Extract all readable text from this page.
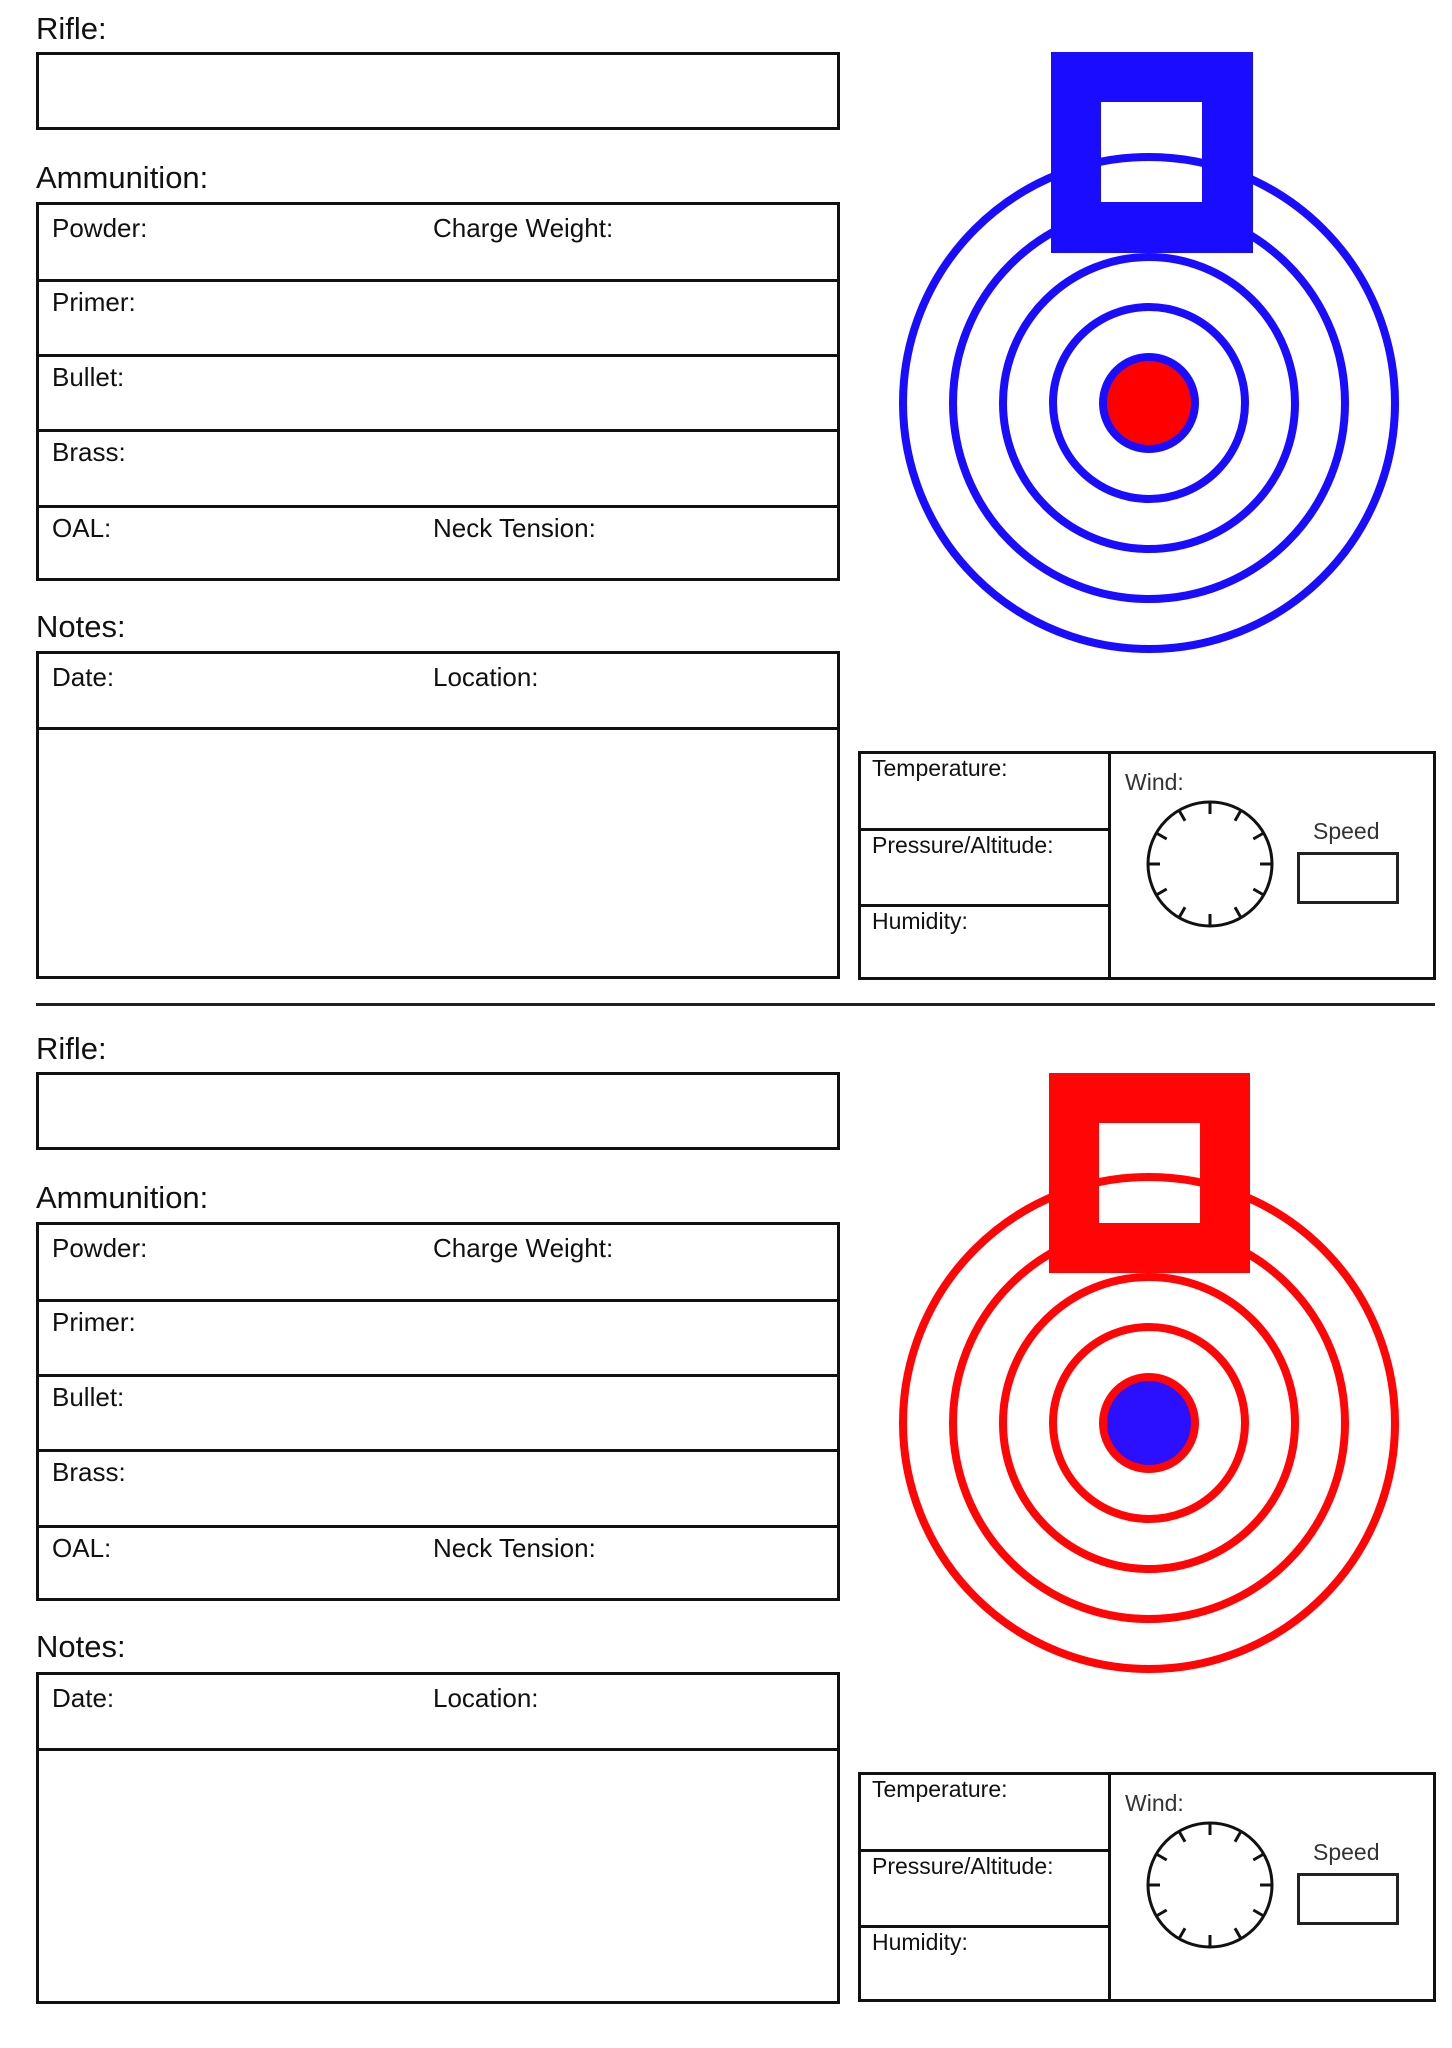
Rifle:
Ammunition:
Powder:	Charge Weight:
Primer:
Bullet:
Brass:
OAL:	Neck Tension:
Notes:
Date:	Location:
Temperature:
Pressure/Altitude:
Humidity:
Wind:
Speed
Rifle:
Ammunition:
Powder:	Charge Weight:
Primer:
Bullet:
Brass:
OAL:	Neck Tension:
Notes:
Date:	Location:
Temperature:
Pressure/Altitude:
Humidity:
Wind:
Speed
